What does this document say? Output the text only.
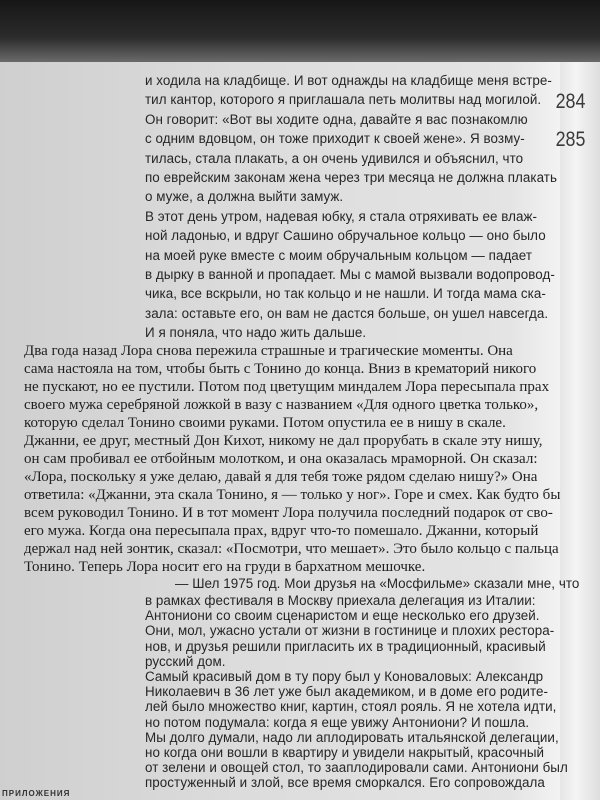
284
285
и ходила на кладбище. И вот однажды на кладбище меня встре-
тил кантор, которого я приглашала петь молитвы над могилой.
Он говорит: «Вот вы ходите одна, давайте я вас познакомлю
с одним вдовцом, он тоже приходит к своей жене». Я возму-
тилась, стала плакать, а он очень удивился и объяснил, что
по еврейским законам жена через три месяца не должна плакать
о муже, а должна выйти замуж.
В этот день утром, надевая юбку, я стала отряхивать ее влаж-
ной ладонью, и вдруг Сашино обручальное кольцо — оно было
на моей руке вместе с моим обручальным кольцом — падает
в дырку в ванной и пропадает. Мы с мамой вызвали водопровод-
чика, все вскрыли, но так кольцо и не нашли. И тогда мама ска-
зала: оставьте его, он вам не дастся больше, он ушел навсегда.
И я поняла, что надо жить дальше.
Два года назад Лора снова пережила страшные и трагические моменты. Она
сама настояла на том, чтобы быть с Тонино до конца. Вниз в крематорий никого
не пускают, но ее пустили. Потом под цветущим миндалем Лора пересыпала прах
своего мужа серебряной ложкой в вазу с названием «Для одного цветка только»,
которую сделал Тонино своими руками. Потом опустила ее в нишу в скале.
Джанни, ее друг, местный Дон Кихот, никому не дал прорубать в скале эту нишу,
он сам пробивал ее отбойным молотком, и она оказалась мраморной. Он сказал:
«Лора, поскольку я уже делаю, давай я для тебя тоже рядом сделаю нишу?» Она
ответила: «Джанни, эта скала Тонино, я — только у ног». Горе и смех. Как будто бы
всем руководил Тонино. И в тот момент Лора получила последний подарок от сво-
его мужа. Когда она пересыпала прах, вдруг что-то помешало. Джанни, который
держал над ней зонтик, сказал: «Посмотри, что мешает». Это было кольцо с пальца
Тонино. Теперь Лора носит его на груди в бархатном мешочке.
в рамках фестиваля в Москву приехала делегация из Италии:
Антониони со своим сценаристом и еще несколько его друзей.
Они, мол, ужасно устали от жизни в гостинице и плохих рестора-
нов, и друзья решили пригласить их в традиционный, красивый
русский дом.
Самый красивый дом в ту пору был у Коноваловых: Александр
Николаевич в 36 лет уже был академиком, и в доме его родите-
лей было множество книг, картин, стоял рояль. Я не хотела идти,
но потом подумала: когда я еще увижу Антониони? И пошла.
Мы долго думали, надо ли аплодировать итальянской делегации,
но когда они вошли в квартиру и увидели накрытый, красочный
от зелени и овощей стол, то зааплодировали сами. Антониони был
простуженный и злой, все время сморкался. Его сопровождала
— Шел 1975 год. Мои друзья на «Мосфильме» сказали мне, что
ПРИЛОЖЕНИЯ
